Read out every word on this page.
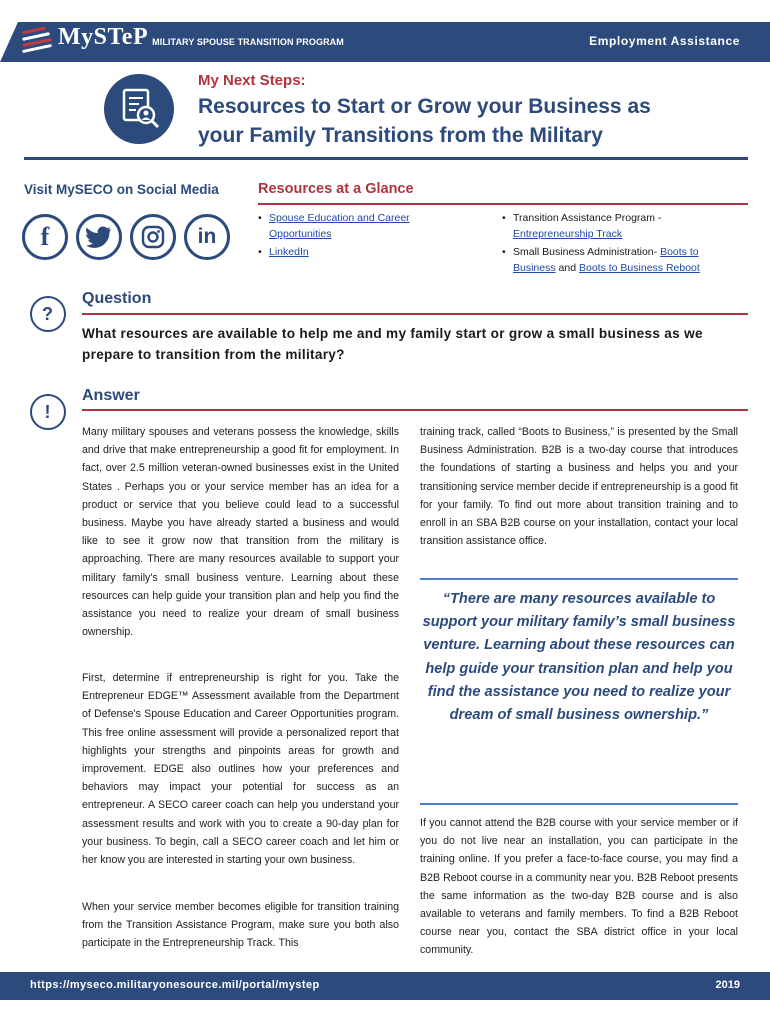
MySTeP MILITARY SPOUSE TRANSITION PROGRAM	Employment Assistance
My Next Steps:
Resources to Start or Grow your Business as
your Family Transitions from the Military
Visit MySECO on Social Media
f	in
Resources at a Glance
• Spouse Education and Career Opportunities
• LinkedIn
• Transition Assistance Program - Entrepreneurship Track
• Small Business Administration- Boots to Business and Boots to Business Reboot
?
Question
What resources are available to help me and my family start or grow a small business as we prepare to transition from the military?
!
Answer
Many military spouses and veterans possess the knowledge, skills and drive that make entrepreneurship a good fit for employment. In fact, over 2.5 million veteran-owned businesses exist in the United States . Perhaps you or your service member has an idea for a product or service that you believe could lead to a successful business. Maybe you have already started a business and would like to see it grow now that transition from the military is approaching. There are many resources available to support your military family's small business venture. Learning about these resources can help guide your transition plan and help you find the assistance you need to realize your dream of small business ownership.
First, determine if entrepreneurship is right for you. Take the Entrepreneur EDGE™ Assessment available from the Department of Defense's Spouse Education and Career Opportunities program. This free online assessment will provide a personalized report that highlights your strengths and pinpoints areas for growth and improvement. EDGE also outlines how your preferences and behaviors may impact your potential for success as an entrepreneur. A SECO career coach can help you understand your assessment results and work with you to create a 90-day plan for your business. To begin, call a SECO career coach and let him or her know you are interested in starting your own business.
When your service member becomes eligible for transition training from the Transition Assistance Program, make sure you both also participate in the Entrepreneurship Track. This
training track, called “Boots to Business,” is presented by the Small Business Administration. B2B is a two-day course that introduces the foundations of starting a business and helps you and your transitioning service member decide if entrepreneurship is a good fit for your family. To find out more about transition training and to enroll in an SBA B2B course on your installation, contact your local transition assistance office.
“There are many resources available to support your military family’s small business venture. Learning about these resources can help guide your transition plan and help you find the assistance you need to realize your dream of small business ownership.”
If you cannot attend the B2B course with your service member or if you do not live near an installation, you can participate in the training online. If you prefer a face-to-face course, you may find a B2B Reboot course in a community near you. B2B Reboot presents the same information as the two-day B2B course and is also available to veterans and family members. To find a B2B Reboot course near you, contact the SBA district office in your local community.
https://myseco.militaryonesource.mil/portal/mystep	2019
